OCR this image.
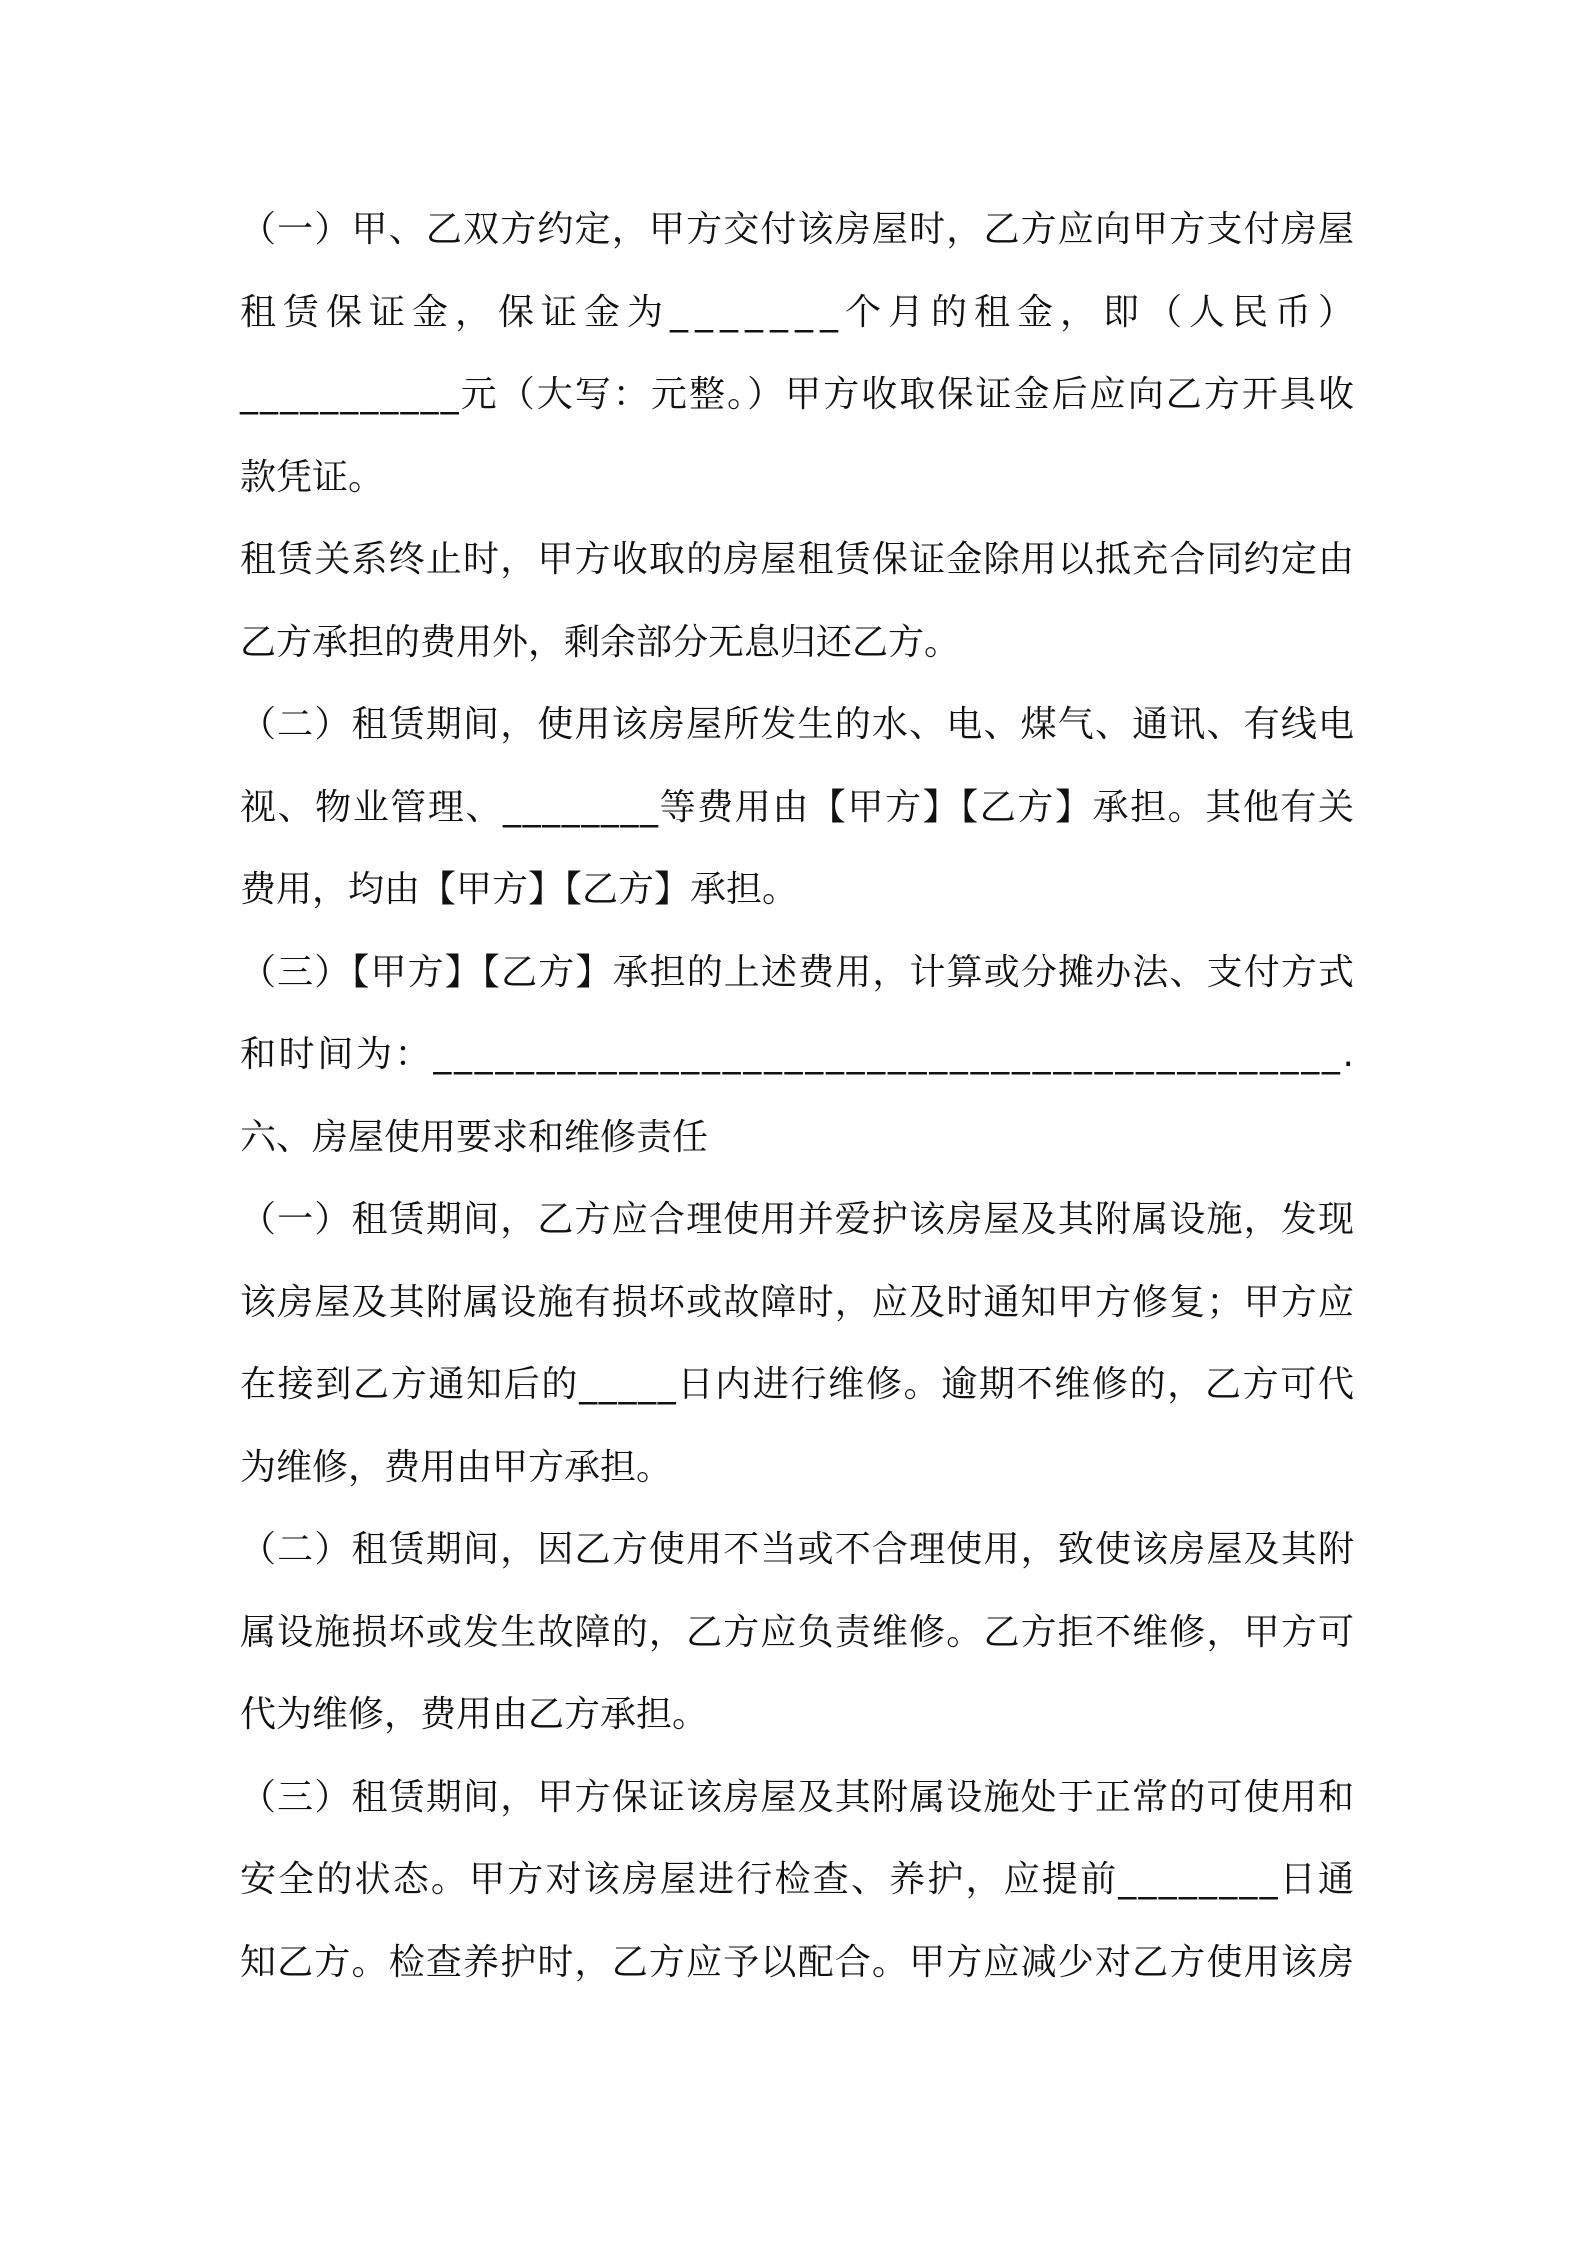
（一）甲、乙双方约定，甲方交付该房屋时，乙方应向甲方支付房屋
租赁保证金，保证金为_______个月的租金，即（人民币）
___________元（大写：元整。）甲方收取保证金后应向乙方开具收
款凭证。
租赁关系终止时，甲方收取的房屋租赁保证金除用以抵充合同约定由
乙方承担的费用外，剩余部分无息归还乙方。
（二）租赁期间，使用该房屋所发生的水、电、煤气、通讯、有线电
视、物业管理、________等费用由【甲方】【乙方】承担。其他有关
费用，均由【甲方】【乙方】承担。
（三）【甲方】【乙方】承担的上述费用，计算或分摊办法、支付方式
和时间为：____________________________________________.
六、房屋使用要求和维修责任
（一）租赁期间，乙方应合理使用并爱护该房屋及其附属设施，发现
该房屋及其附属设施有损坏或故障时，应及时通知甲方修复；甲方应
在接到乙方通知后的_____日内进行维修。逾期不维修的，乙方可代
为维修，费用由甲方承担。
（二）租赁期间，因乙方使用不当或不合理使用，致使该房屋及其附
属设施损坏或发生故障的，乙方应负责维修。乙方拒不维修，甲方可
代为维修，费用由乙方承担。
（三）租赁期间，甲方保证该房屋及其附属设施处于正常的可使用和
安全的状态。甲方对该房屋进行检查、养护，应提前________日通
知乙方。检查养护时，乙方应予以配合。甲方应减少对乙方使用该房
